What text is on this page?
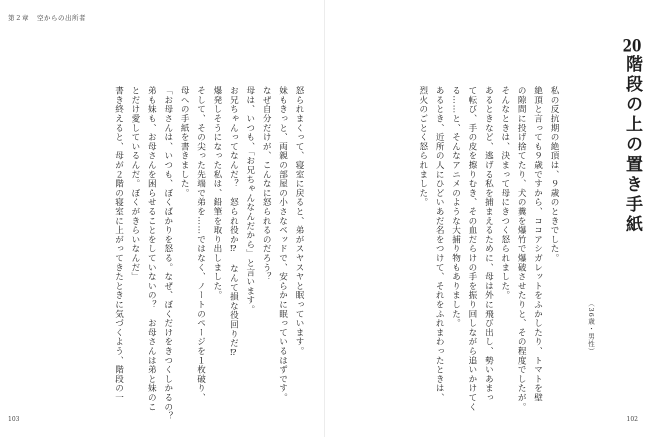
第２章 空からの出所者

怒られまくって、寝室に戻ると、弟がスヤスヤと眠っています。

妹もきっと、両親の部屋の小さなベッドで、安らかに眠っているはずです。

なぜ自分だけが、こんなに怒られるのだろう？

母は、いつも、「お兄ちゃんなんだから」と言います。

お兄ちゃんってなんだ？　怒られ役か⁉　なんて損な役回りだ⁉

爆発しそうになった私は、鉛筆を取り出しました。

そして、その尖った先端で弟を……ではなく、ノートのページを１枚破り、

母への手紙を書きました。

「お母さんは、いつも、ぼくばかりを怒る。なぜ、ぼくだけをきつくしかるの？

弟も妹も、お母さんを困らせることをしていないの？　お母さんは弟と妹のこ

とだけ愛しているんだ。ぼくがきらいなんだ」

書き終えると、母が２階の寝室に上がってきたときに気づくよう、階段の一

103
20階段の上の置き手紙
（36歳・男性）

私の反抗期の絶頂は、９歳のときでした。

絶頂と言っても９歳ですから、ココアシガレットをふかしたり、トマトを壁

の隙間に投げ捨てたり、犬の糞を爆竹で爆破させたりと、その程度でしたが。

そんなときは、決まって母にきつく怒られました。

あるときなど、逃げる私を捕まえるために、母は外に飛び出し、勢いあまっ

て転び、手の皮を擦りむき、その血だらけの手を振り回しながら追いかけてく

る……と、そんなアニメのような大捕り物もありました。

あるとき、近所の人にひどいあだ名をつけて、それをふれまわったときは、

烈火のごとく怒られました。

102
